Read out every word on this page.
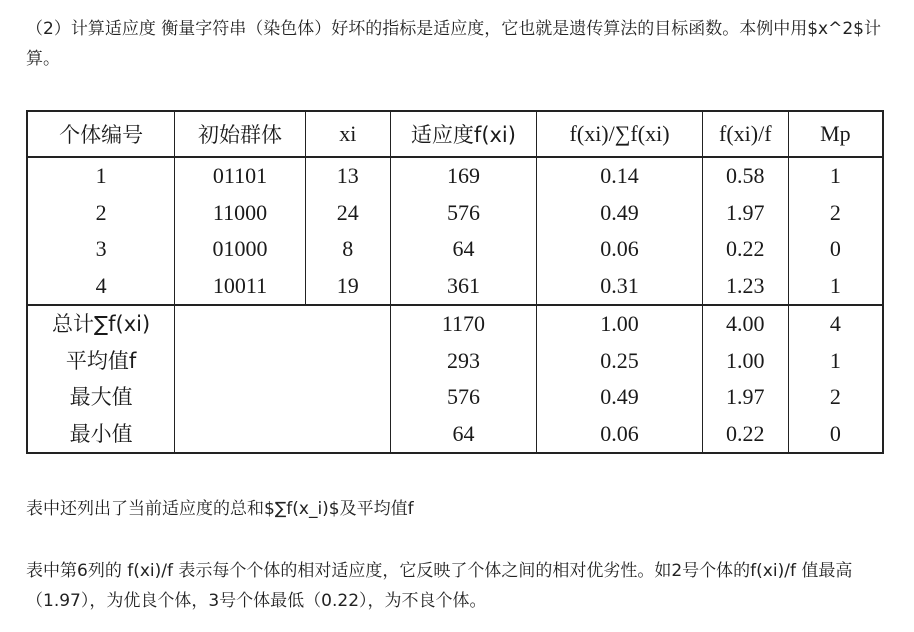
（2）计算适应度 衡量字符串（染色体）好坏的指标是适应度，它也就是遗传算法的目标函数。本例中用$x^2$计算。

个体编号	初始群体	xi	适应度f(xi)	f(xi)/∑f(xi)	f(xi)/f	Mp
1	01101	13	169	0.14	0.58	1
2	11000	24	576	0.49	1.97	2
3	01000	8	64	0.06	0.22	0
4	10011	19	361	0.31	1.23	1
总计∑f(xi)			1170	1.00	4.00	4
平均值f			293	0.25	1.00	1
最大值			576	0.49	1.97	2
最小值			64	0.06	0.22	0

表中还列出了当前适应度的总和$∑f(x_i)$及平均值f

表中第6列的 f(xi)/f 表示每个个体的相对适应度，它反映了个体之间的相对优劣性。如2号个体的f(xi)/f 值最高（1.97），为优良个体，3号个体最低（0.22），为不良个体。
